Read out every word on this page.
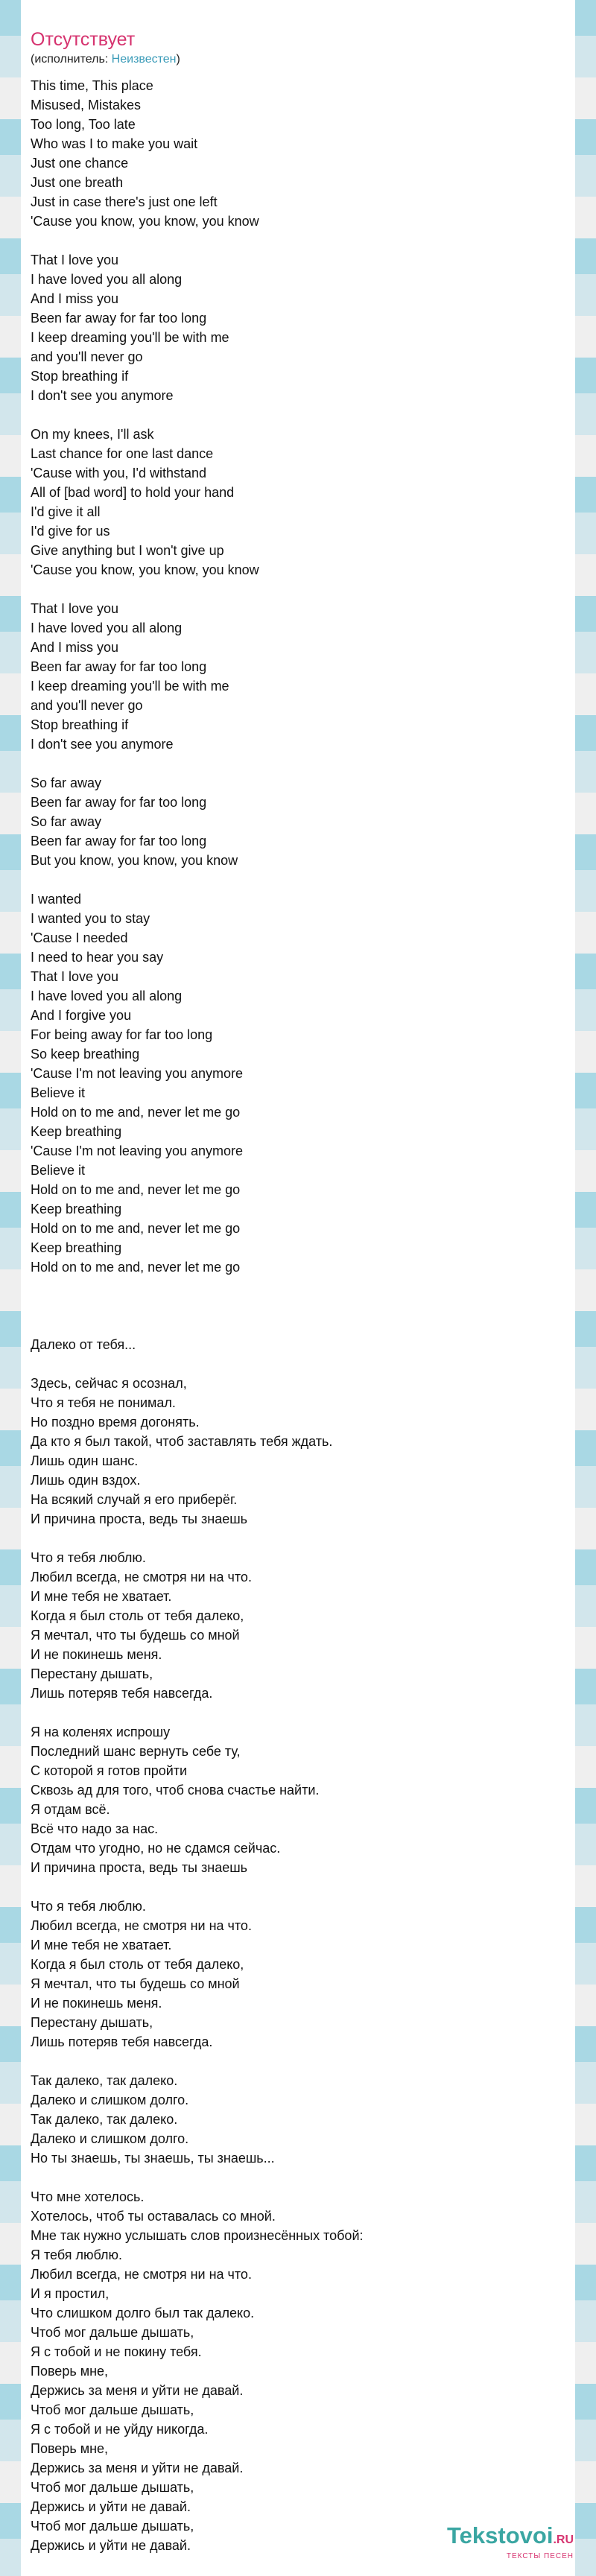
Отсутствует
(исполнитель: Неизвестен)
This time, This place
Misused, Mistakes
Too long, Too late
Who was I to make you wait
Just one chance
Just one breath
Just in case there's just one left
'Cause you know, you know, you know

That I love you
I have loved you all along
And I miss you
Been far away for far too long
I keep dreaming you'll be with me
and you'll never go
Stop breathing if
I don't see you anymore

On my knees, I'll ask
Last chance for one last dance
'Cause with you, I'd withstand
All of [bad word] to hold your hand
I'd give it all
I'd give for us
Give anything but I won't give up
'Cause you know, you know, you know

That I love you
I have loved you all along
And I miss you
Been far away for far too long
I keep dreaming you'll be with me
and you'll never go
Stop breathing if
I don't see you anymore

So far away
Been far away for far too long
So far away
Been far away for far too long
But you know, you know, you know

I wanted
I wanted you to stay
'Cause I needed
I need to hear you say
That I love you
I have loved you all along
And I forgive you
For being away for far too long
So keep breathing
'Cause I'm not leaving you anymore
Believe it
Hold on to me and, never let me go
Keep breathing
'Cause I'm not leaving you anymore
Believe it
Hold on to me and, never let me go
Keep breathing
Hold on to me and, never let me go
Keep breathing
Hold on to me and, never let me go

Далеко от тебя...

Здесь, сейчас я осознал,
Что я тебя не понимал.
Но поздно время догонять.
Да кто я был такой, чтоб заставлять тебя ждать.
Лишь один шанс.
Лишь один вздох.
На всякий случай я его приберёг.
И причина проста, ведь ты знаешь

Что я тебя люблю.
Любил всегда, не смотря ни на что.
И мне тебя не хватает.
Когда я был столь от тебя далеко,
Я мечтал, что ты будешь со мной
И не покинешь меня.
Перестану дышать,
Лишь потеряв тебя навсегда.

Я на коленях испрошу
Последний шанс вернуть себе ту,
С которой я готов пройти
Сквозь ад для того, чтоб снова счастье найти.
Я отдам всё.
Всё что надо за нас.
Отдам что угодно, но не сдамся сейчас.
И причина проста, ведь ты знаешь

Что я тебя люблю.
Любил всегда, не смотря ни на что.
И мне тебя не хватает.
Когда я был столь от тебя далеко,
Я мечтал, что ты будешь со мной
И не покинешь меня.
Перестану дышать,
Лишь потеряв тебя навсегда.

Так далеко, так далеко.
Далеко и слишком долго.
Так далеко, так далеко.
Далеко и слишком долго.
Но ты знаешь, ты знаешь, ты знаешь...

Что мне хотелось.
Хотелось, чтоб ты оставалась со мной.
Мне так нужно услышать слов произнесённых тобой:
Я тебя люблю.
Любил всегда, не смотря ни на что.
И я простил,
Что слишком долго был так далеко.
Чтоб мог дальше дышать,
Я с тобой и не покину тебя.
Поверь мне,
Держись за меня и уйти не давай.
Чтоб мог дальше дышать,
Я с тобой и не уйду никогда.
Поверь мне,
Держись за меня и уйти не давай.
Чтоб мог дальше дышать,
Держись и уйти не давай.
Чтоб мог дальше дышать,
Держись и уйти не давай.	Tekstovoi.RU
ТЕКСТЫ ПЕСЕН
